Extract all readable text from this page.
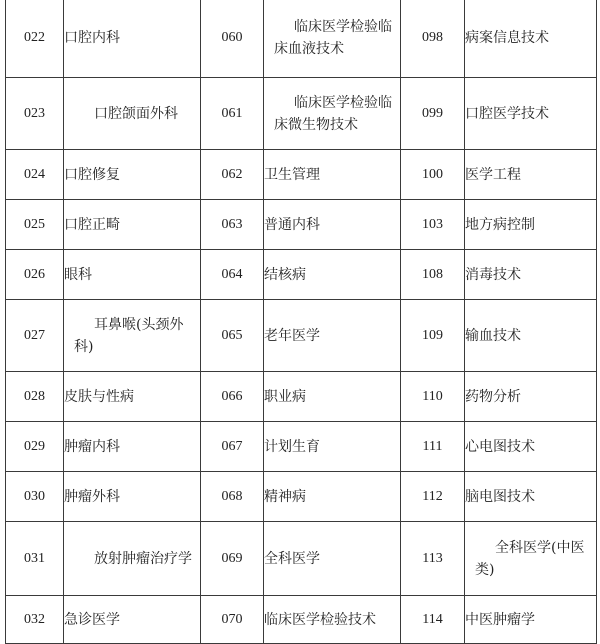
022	口腔内科	060	临床医学检验临床血液技术	098	病案信息技术
023	口腔颌面外科	061	临床医学检验临床微生物技术	099	口腔医学技术
024	口腔修复	062	卫生管理	100	医学工程
025	口腔正畸	063	普通内科	103	地方病控制
026	眼科	064	结核病	108	消毒技术
027	耳鼻喉(头颈外科)	065	老年医学	109	输血技术
028	皮肤与性病	066	职业病	110	药物分析
029	肿瘤内科	067	计划生育	111	心电图技术
030	肿瘤外科	068	精神病	112	脑电图技术
031	放射肿瘤治疗学	069	全科医学	113	全科医学(中医类)
032	急诊医学	070	临床医学检验技术	114	中医肿瘤学
